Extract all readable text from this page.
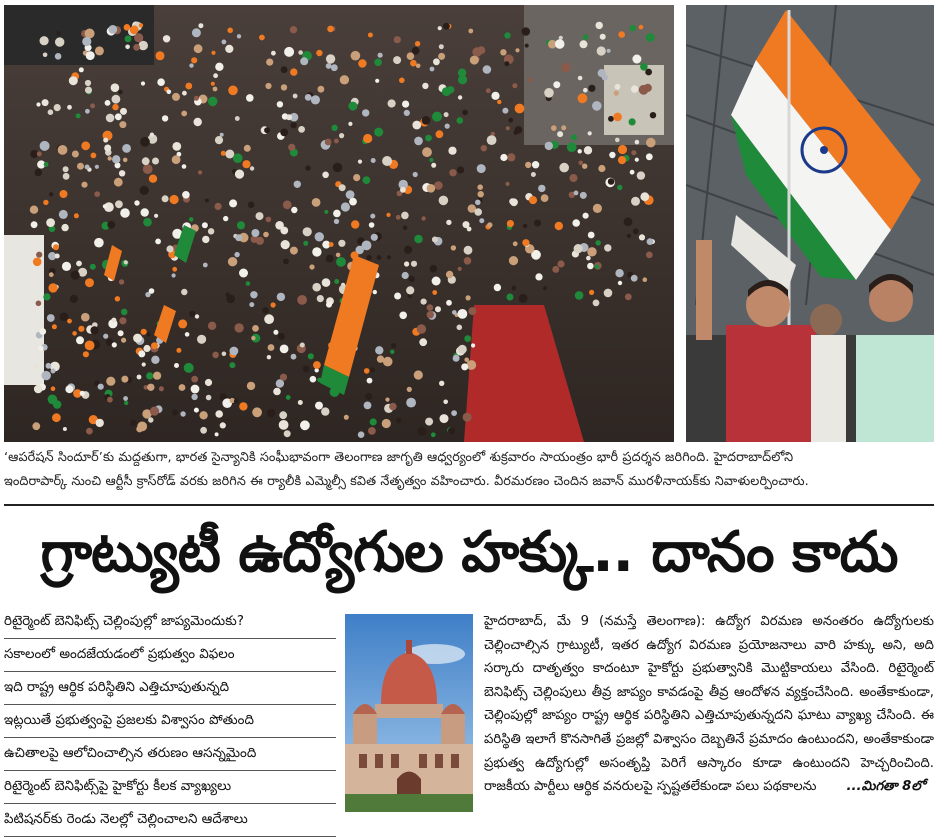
‘ఆపరేషన్ సిందూర్’కు మద్దతుగా, భారత సైన్యానికి సంఘీభావంగా తెలంగాణ జాగృతి ఆధ్వర్యంలో శుక్రవారం సాయంత్రం భారీ ప్రదర్శన జరిగింది. హైదరాబాద్‌లోని

ఇందిరాపార్క్ నుంచి ఆర్టీసీ క్రాస్‌రోడ్ వరకు జరిగిన ఈ ర్యాలీకి ఎమ్మెల్సీ కవిత నేతృత్వం వహించారు. వీరమరణం చెందిన జవాన్ మురళీనాయక్‌కు నివాళులర్పించారు.

గ్రాట్యుటీ ఉద్యోగుల హక్కు.. దానం కాదు
రిటైర్మెంట్ బెనిఫిట్స్ చెల్లింపుల్లో జాప్యమెందుకు?
సకాలంలో అందజేయడంలో ప్రభుత్వం విఫలం
ఇది రాష్ట్ర ఆర్థిక పరిస్థితిని ఎత్తిచూపుతున్నది
ఇట్లయితే ప్రభుత్వంపై ప్రజలకు విశ్వాసం పోతుంది
ఉచితాలపై ఆలోచించాల్సిన తరుణం ఆసన్నమైంది
రిటైర్మెంట్ బెనిఫిట్స్‌పై హైకోర్టు కీలక వ్యాఖ్యలు
పిటిషనర్‌కు రెండు నెలల్లో చెల్లించాలని ఆదేశాలు

హైదరాబాద్, మే 9 (నమస్తే తెలంగాణ): ఉద్యోగ విరమణ అనంతరం ఉద్యోగులకు చెల్లించాల్సిన గ్రాట్యుటీ, ఇతర ఉద్యోగ విరమణ ప్రయోజనాలు వారి హక్కు అని, అది సర్కారు దాతృత్వం కాదంటూ హైకోర్టు ప్రభుత్వానికి మొట్టికాయలు వేసింది. రిటైర్మెంట్ బెనిఫిట్స్ చెల్లింపులు తీవ్ర జాప్యం కావడంపై తీవ్ర ఆందోళన వ్యక్తంచేసింది. అంతేకాకుండా, చెల్లింపుల్లో జాప్యం రాష్ట్ర ఆర్థిక పరిస్థితిని ఎత్తిచూపుతున్నదని ఘాటు వ్యాఖ్య చేసింది. ఈ పరిస్థితి ఇలాగే కొనసాగితే ప్రజల్లో విశ్వాసం దెబ్బతినే ప్రమాదం ఉంటుందని, అంతేకాకుండా ప్రభుత్వ ఉద్యోగుల్లో అసంతృప్తి పెరిగే ఆస్కారం కూడా ఉంటుందని హెచ్చరించింది. రాజకీయ పార్టీలు ఆర్థిక వనరులపై స్పష్టతలేకుండా పలు పథకాలను ...మిగతా 8లో
